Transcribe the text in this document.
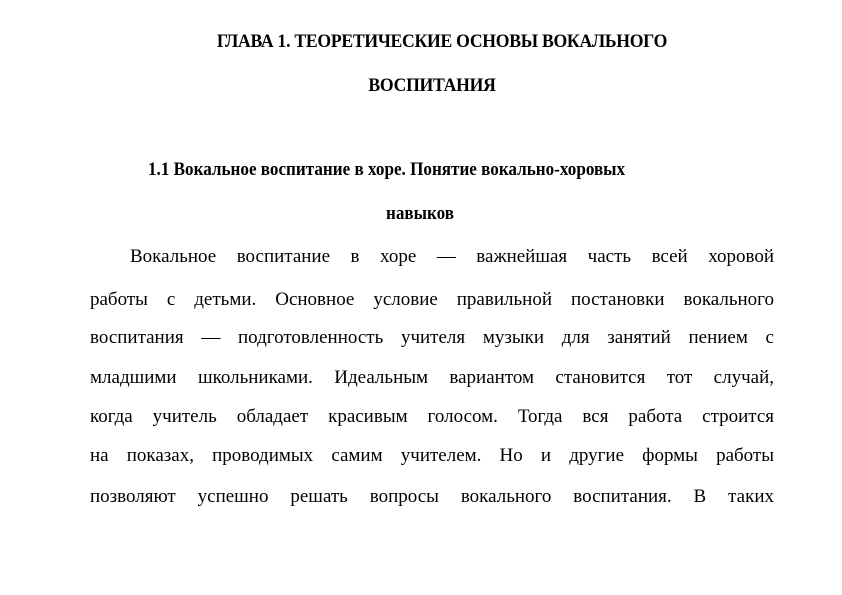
ГЛАВА 1. ТЕОРЕТИЧЕСКИЕ ОСНОВЫ ВОКАЛЬНОГО
ВОСПИТАНИЯ
1.1 Вокальное воспитание в хоре. Понятие вокально-хоровых
навыков

Вокальное воспитание в хоре — важнейшая часть всей хоровой

работы с детьми. Основное условие правильной постановки вокального

воспитания — подготовленность учителя музыки для занятий пением с

младшими школьниками. Идеальным вариантом становится тот случай,

когда учитель обладает красивым голосом. Тогда вся работа строится

на показах, проводимых самим учителем. Но и другие формы работы

позволяют успешно решать вопросы вокального воспитания. В таких
